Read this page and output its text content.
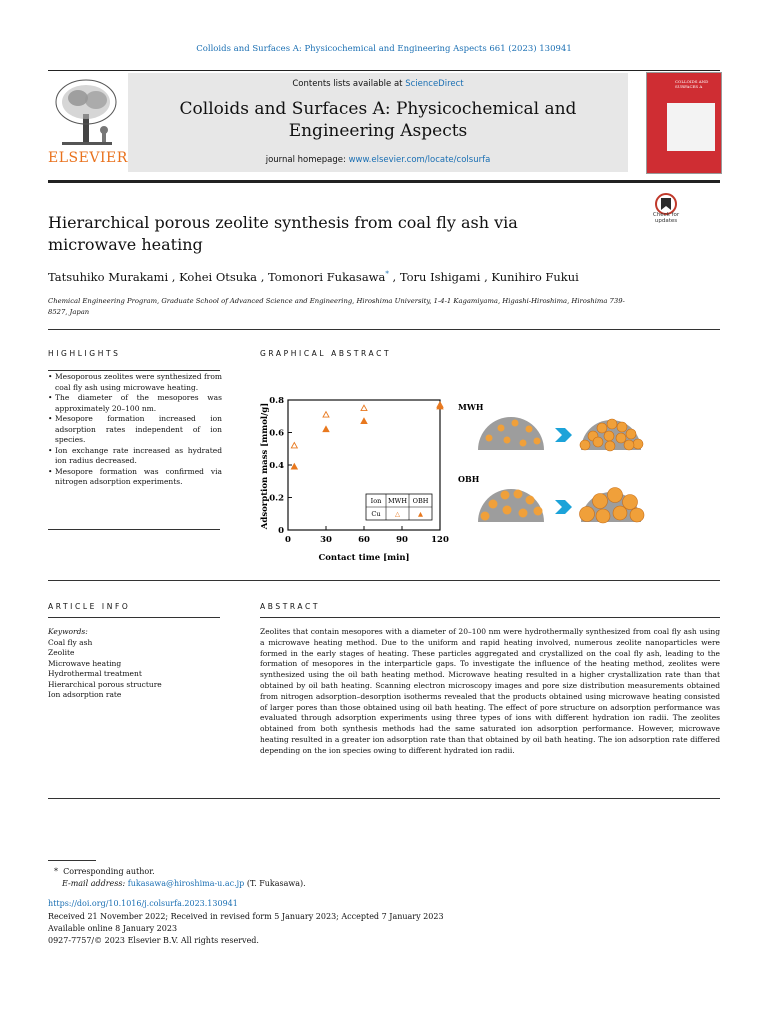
Colloids and Surfaces A: Physicochemical and Engineering Aspects 661 (2023) 130941
ELSEVIER
Contents lists available at ScienceDirect
Colloids and Surfaces A: Physicochemical and
Engineering Aspects
journal homepage: www.elsevier.com/locate/colsurfa
COLLOIDS AND SURFACES A
Check for updates
Hierarchical porous zeolite synthesis from coal fly ash via
microwave heating
Tatsuhiko Murakami , Kohei Otsuka , Tomonori Fukasawa* , Toru Ishigami , Kunihiro Fukui
Chemical Engineering Program, Graduate School of Advanced Science and Engineering, Hiroshima University, 1-4-1 Kagamiyama, Higashi-Hiroshima, Hiroshima 739-
8527, Japan
HIGHLIGHTS
• Mesoporous zeolites were synthesized from coal fly ash using microwave heating.
• The diameter of the mesopores was approximately 20–100 nm.
• Mesopore formation increased ion adsorption rates independent of ion species.
• Ion exchange rate increased as hydrated ion radius decreased.
• Mesopore formation was confirmed via nitrogen adsorption experiments.
GRAPHICAL ABSTRACT
0	30	60	90	120
0
0.2
0.4
0.6
0.8
Adsorption mass [mmol/g]
Contact time [min]
Ion MWH OBH
Cu △	▲
MWH
OBH
ARTICLE INFO
Keywords:
Coal fly ash
Zeolite
Microwave heating
Hydrothermal treatment
Hierarchical porous structure
Ion adsorption rate
ABSTRACT
Zeolites that contain mesopores with a diameter of 20–100 nm were hydrothermally synthesized from coal fly ash using a microwave heating method. Due to the uniform and rapid heating involved, numerous zeolite nanoparticles were formed in the early stages of heating. These particles aggregated and crystallized on the coal fly ash, leading to the formation of mesopores in the interparticle gaps. To investigate the influence of the heating method, zeolites were synthesized using the oil bath heating method. Microwave heating resulted in a higher crystallization rate than that obtained by oil bath heating. Scanning electron microscopy images and pore size distribution measurements obtained from nitrogen adsorption–desorption isotherms revealed that the products obtained using microwave heating consisted of larger pores than those obtained using oil bath heating. The effect of pore structure on adsorption performance was evaluated through adsorption experiments using three types of ions with different hydration ion radii. The zeolites obtained from both synthesis methods had the same saturated ion adsorption performance. However, microwave heating resulted in a greater ion adsorption rate than that obtained by oil bath heating. The ion adsorption rate differed depending on the ion species owing to different hydrated ion radii.
* Corresponding author.
E-mail address: fukasawa@hiroshima-u.ac.jp (T. Fukasawa).
https://doi.org/10.1016/j.colsurfa.2023.130941
Received 21 November 2022; Received in revised form 5 January 2023; Accepted 7 January 2023
Available online 8 January 2023
0927-7757/© 2023 Elsevier B.V. All rights reserved.
